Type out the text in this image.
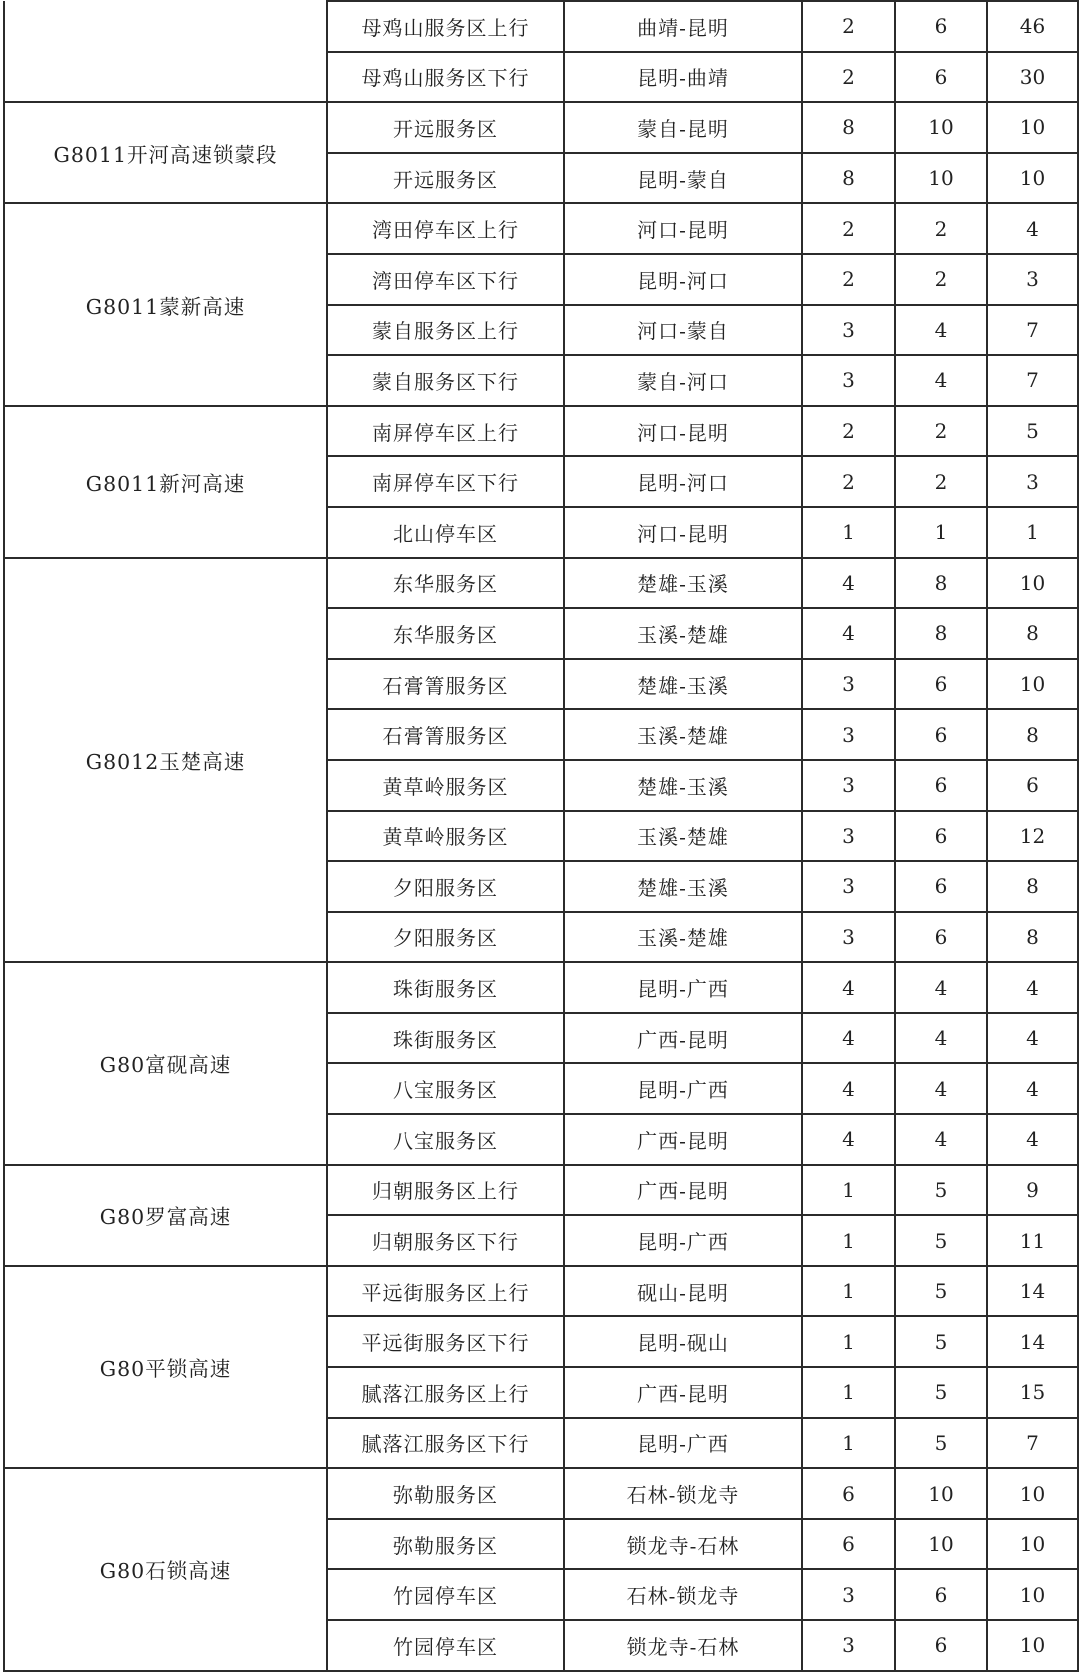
	母鸡山服务区上行	曲靖-昆明	2	6	46
	母鸡山服务区下行	昆明-曲靖	2	6	30
G8011开河高速锁蒙段	开远服务区	蒙自-昆明	8	10	10
	开远服务区	昆明-蒙自	8	10	10
G8011蒙新高速	湾田停车区上行	河口-昆明	2	2	4
	湾田停车区下行	昆明-河口	2	2	3
	蒙自服务区上行	河口-蒙自	3	4	7
	蒙自服务区下行	蒙自-河口	3	4	7
G8011新河高速	南屏停车区上行	河口-昆明	2	2	5
	南屏停车区下行	昆明-河口	2	2	3
	北山停车区	河口-昆明	1	1	1
G8012玉楚高速	东华服务区	楚雄-玉溪	4	8	10
	东华服务区	玉溪-楚雄	4	8	8
	石膏箐服务区	楚雄-玉溪	3	6	10
	石膏箐服务区	玉溪-楚雄	3	6	8
	黄草岭服务区	楚雄-玉溪	3	6	6
	黄草岭服务区	玉溪-楚雄	3	6	12
	夕阳服务区	楚雄-玉溪	3	6	8
	夕阳服务区	玉溪-楚雄	3	6	8
G80富砚高速	珠街服务区	昆明-广西	4	4	4
	珠街服务区	广西-昆明	4	4	4
	八宝服务区	昆明-广西	4	4	4
	八宝服务区	广西-昆明	4	4	4
G80罗富高速	归朝服务区上行	广西-昆明	1	5	9
	归朝服务区下行	昆明-广西	1	5	11
G80平锁高速	平远街服务区上行	砚山-昆明	1	5	14
	平远街服务区下行	昆明-砚山	1	5	14
	腻落江服务区上行	广西-昆明	1	5	15
	腻落江服务区下行	昆明-广西	1	5	7
G80石锁高速	弥勒服务区	石林-锁龙寺	6	10	10
	弥勒服务区	锁龙寺-石林	6	10	10
	竹园停车区	石林-锁龙寺	3	6	10
	竹园停车区	锁龙寺-石林	3	6	10
